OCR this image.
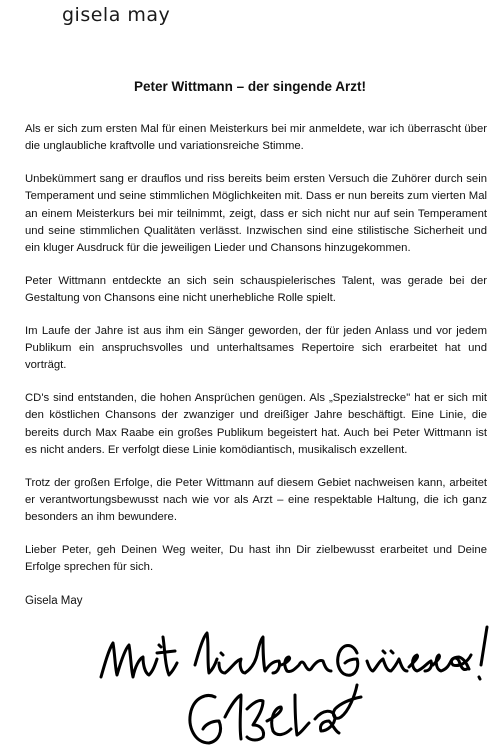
gisela may
Peter Wittmann – der singende Arzt!

Als er sich zum ersten Mal für einen Meisterkurs bei mir anmeldete, war ich überrascht über die unglaubliche kraftvolle und variationsreiche Stimme.

Unbekümmert sang er drauflos und riss bereits beim ersten Versuch die Zuhörer durch sein Temperament und seine stimmlichen Möglichkeiten mit. Dass er nun bereits zum vierten Mal an einem Meisterkurs bei mir teilnimmt, zeigt, dass er sich nicht nur auf sein Temperament und seine stimmlichen Qualitäten verlässt. Inzwischen sind eine stilistische Sicherheit und ein kluger Ausdruck für die jeweiligen Lieder und Chansons hinzugekommen.

Peter Wittmann entdeckte an sich sein schauspielerisches Talent, was gerade bei der Gestaltung von Chansons eine nicht unerhebliche Rolle spielt.

Im Laufe der Jahre ist aus ihm ein Sänger geworden, der für jeden Anlass und vor jedem Publikum ein anspruchsvolles und unterhaltsames Repertoire sich erarbeitet hat und vorträgt.

CD's sind entstanden, die hohen Ansprüchen genügen. Als „Spezialstrecke" hat er sich mit den köstlichen Chansons der zwanziger und dreißiger Jahre beschäftigt. Eine Linie, die bereits durch Max Raabe ein großes Publikum begeistert hat. Auch bei Peter Wittmann ist es nicht anders. Er verfolgt diese Linie komödiantisch, musikalisch exzellent.

Trotz der großen Erfolge, die Peter Wittmann auf diesem Gebiet nachweisen kann, arbeitet er verantwortungsbewusst nach wie vor als Arzt – eine respektable Haltung, die ich ganz besonders an ihm bewundere.

Lieber Peter, geh Deinen Weg weiter, Du hast ihn Dir zielbewusst erarbeitet und Deine Erfolge sprechen für sich.

Gisela May
